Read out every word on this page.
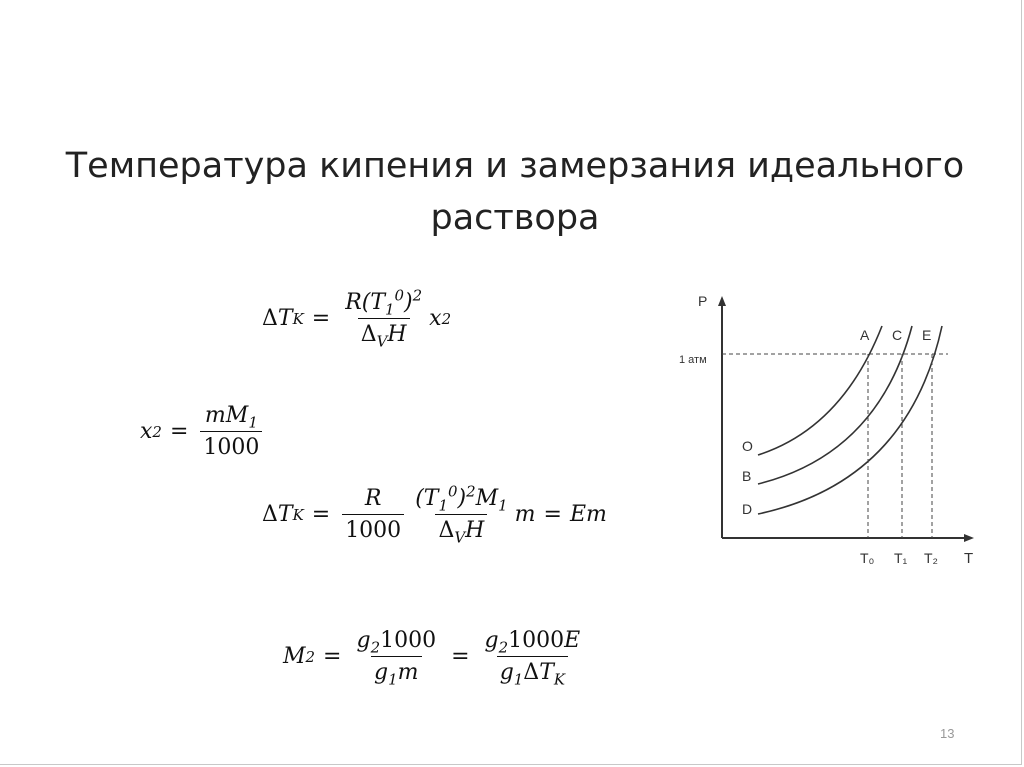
Температура кипения и замерзания идеального
раствора
Δ T $K = \frac{R(T_1^0)^2}{\Delta_VH}$ x 2
x $2 = \frac{mM_1}{1000}$
Δ T $K = \frac{R}{1000} \frac{(T_1^0)^2M_1}{\Delta_VH}$ m = Em
M $2 = \frac{g_21000}{g_1m} = \frac{g_21000E}{g_1\Delta T_K}$
P
T
1 атм
A C E
O
B
D
T₀ T₁ T₂
13
